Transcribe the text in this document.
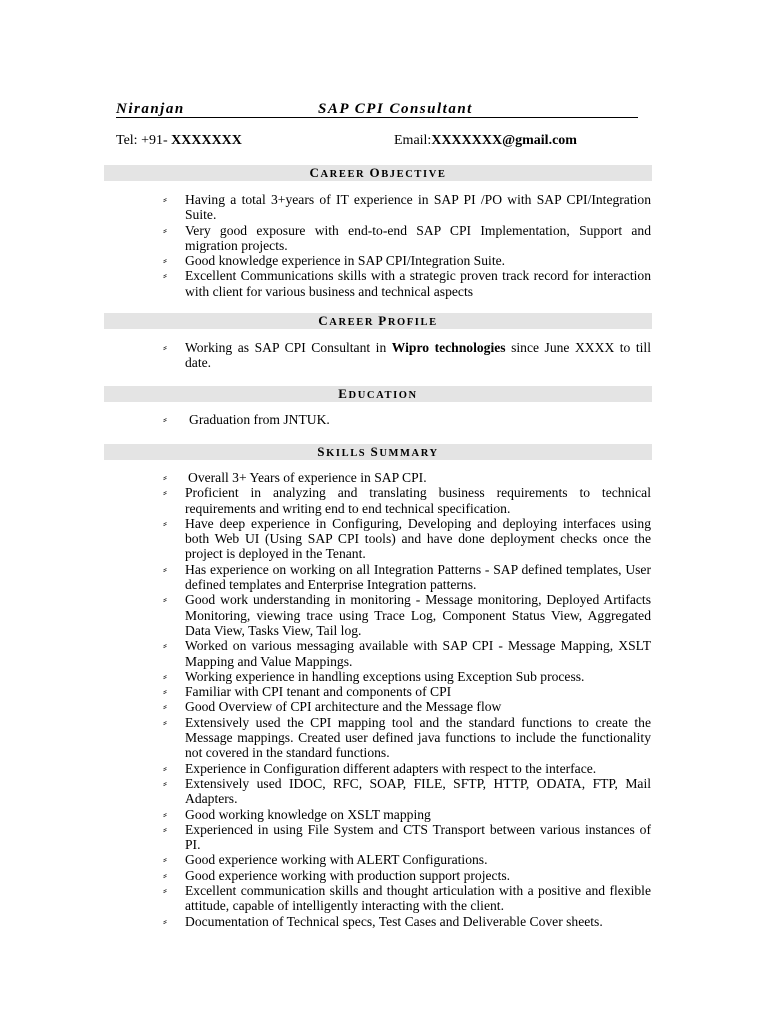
Niranjan	SAP CPI Consultant
Tel: +91- XXXXXXX	Email:XXXXXXX@gmail.com
CAREER OBJECTIVE
⸗	Having a total 3+years of IT experience in SAP PI /PO with SAP CPI/Integration Suite.
⸗	Very good exposure with end-to-end SAP CPI Implementation, Support and migration projects.
⸗	Good knowledge experience in SAP CPI/Integration Suite.
⸗	Excellent Communications skills with a strategic proven track record for interaction with client for various business and technical aspects
CAREER PROFILE
⸗	Working as SAP CPI Consultant in Wipro technologies since June XXXX to till date.
EDUCATION
⸗	Graduation from JNTUK.
SKILLS SUMMARY
⸗	Overall 3+ Years of experience in SAP CPI.
⸗	Proficient in analyzing and translating business requirements to technical requirements and writing end to end technical specification.
⸗	Have deep experience in Configuring, Developing and deploying interfaces using both Web UI (Using SAP CPI tools) and have done deployment checks once the project is deployed in the Tenant.
⸗	Has experience on working on all Integration Patterns - SAP defined templates, User defined templates and Enterprise Integration patterns.
⸗	Good work understanding in monitoring - Message monitoring, Deployed Artifacts Monitoring, viewing trace using Trace Log, Component Status View, Aggregated Data View, Tasks View, Tail log.
⸗	Worked on various messaging available with SAP CPI - Message Mapping, XSLT Mapping and Value Mappings.
⸗	Working experience in handling exceptions using Exception Sub process.
⸗	Familiar with CPI tenant and components of CPI
⸗	Good Overview of CPI architecture and the Message flow
⸗	Extensively used the CPI mapping tool and the standard functions to create the Message mappings. Created user defined java functions to include the functionality not covered in the standard functions.
⸗	Experience in Configuration different adapters with respect to the interface.
⸗	Extensively used IDOC, RFC, SOAP, FILE, SFTP, HTTP, ODATA, FTP, Mail Adapters.
⸗	Good working knowledge on XSLT mapping
⸗	Experienced in using File System and CTS Transport between various instances of PI.
⸗	Good experience working with ALERT Configurations.
⸗	Good experience working with production support projects.
⸗	Excellent communication skills and thought articulation with a positive and flexible attitude, capable of intelligently interacting with the client.
⸗	Documentation of Technical specs, Test Cases and Deliverable Cover sheets.
